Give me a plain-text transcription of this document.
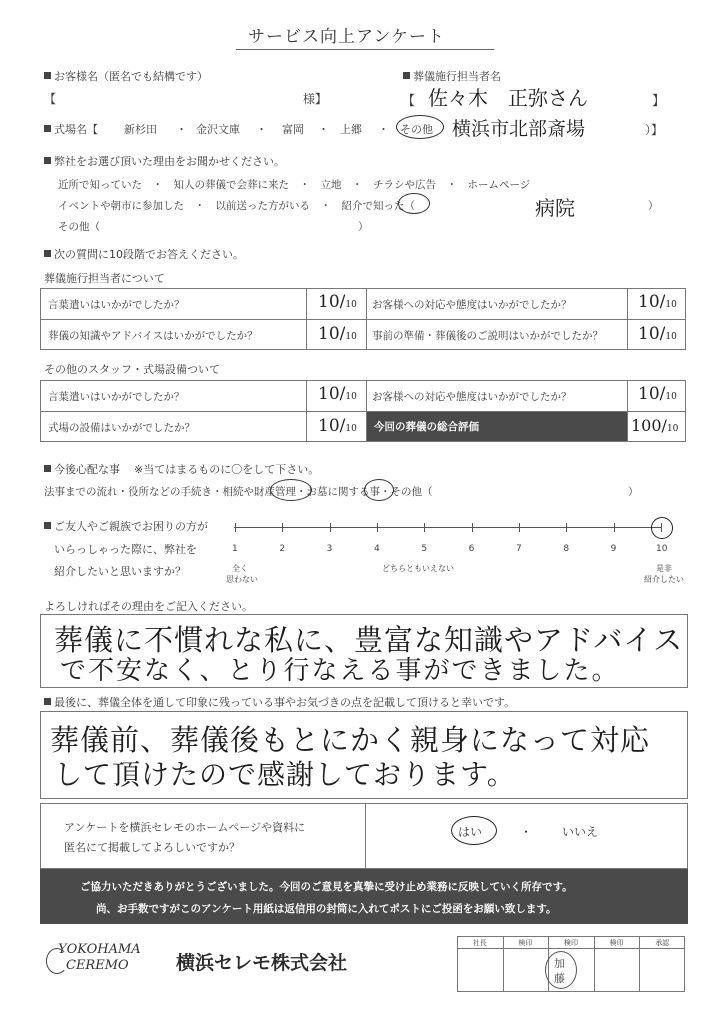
サービス向上アンケート
お客様名（匿名でも結構です）
【	様】
葬儀施行担当者名
【 佐々木　正弥さん	】
式場名【 新杉田 ・ 金沢文庫 ・ 富岡 ・ 上郷 ・ その他 横浜市北部斎場	）】
弊社をお選び頂いた理由をお聞かせください。
近所で知っていた　・　知人の葬儀で会葬に来た　・　立地　・　チラシや広告　・　ホームページ
イベントや朝市に参加した　・　以前送った方がいる　・　紹介で知った（	病院	）
その他（	）
次の質問に10段階でお答えください。
葬儀施行担当者について
言葉遣いはいかがでしたか？	10/10 お客様への対応や態度はいかがでしたか？	10/10
葬儀の知識やアドバイスはいかがでしたか？	10/10 事前の準備・葬儀後のご説明はいかがでしたか？ 10/10
その他のスタッフ・式場設備ついて
言葉遣いはいかがでしたか？	10/10 お客様への対応や態度はいかがでしたか？	10/10
式場の設備はいかがでしたか？	10/10 今回の葬儀の総合評価	100/10
今後心配な事 ※当てはまるものに〇をして下さい。
法事までの流れ・役所などの手続き・相続や財産管理・お墓に関する事・その他（	）
ご友人やご親族でお困りの方が
いらっしゃった際に、弊社を
紹介したいと思いますか？
1	2	3	4	5	6	7	8	9	10
全く
思わない
どちらともいえない	是非
紹介したい
よろしければその理由をご記入ください。
葬儀に不慣れな私に、豊富な知識やアドバイス
で不安なく、とり行なえる事ができました。
最後に、葬儀全体を通して印象に残っている事やお気づきの点を記載して頂けると幸いです。
葬儀前、葬儀後もとにかく親身になって対応
して頂けたので感謝しております。
アンケートを横浜セレモのホームページや資料に
匿名にて掲載してよろしいですか？
はい	・ いいえ
ご協力いただきありがとうございました。今回のご意見を真摯に受け止め業務に反映していく所存です。
尚、お手数ですがこのアンケート用紙は返信用の封筒に入れてポストにご投函をお願い致します。
YOKOHAMA
CEREMO 横浜セレモ株式会社
社長	検印	検印	検印	承認
加
藤
